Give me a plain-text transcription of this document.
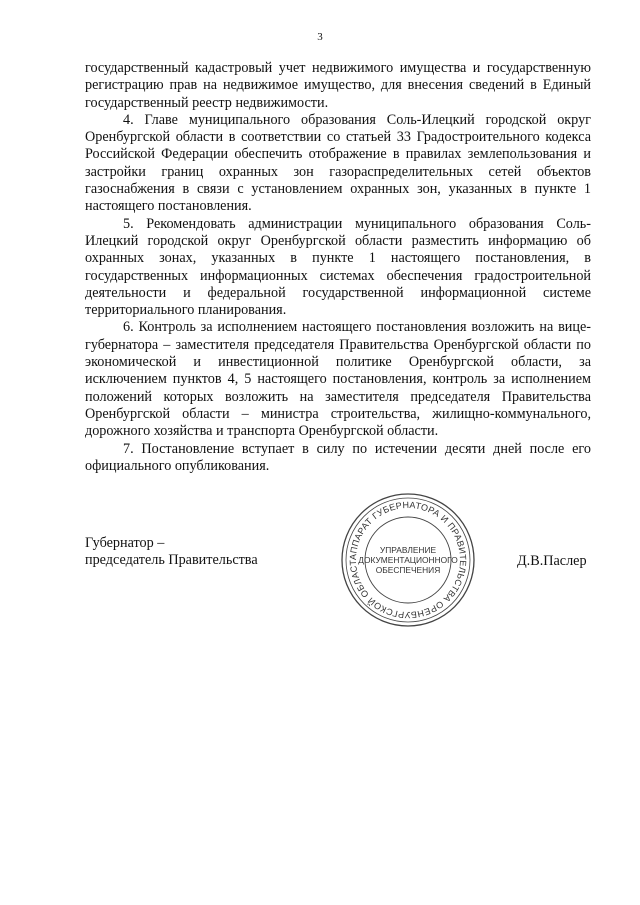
3

государственный кадастровый учет недвижимого имущества и государственную регистрацию прав на недвижимое имущество, для внесения сведений в Единый государственный реестр недвижимости.

4. Главе муниципального образования Соль-Илецкий городской округ Оренбургской области в соответствии со статьей 33 Градостроительного кодекса Российской Федерации обеспечить отображение в правилах землепользования и застройки границ охранных зон газораспределительных сетей объектов газоснабжения в связи с установлением охранных зон, указанных в пункте 1 настоящего постановления.

5. Рекомендовать администрации муниципального образования Соль-Илецкий городской округ Оренбургской области разместить информацию об охранных зонах, указанных в пункте 1 настоящего постановления, в государственных информационных системах обеспечения градостроительной деятельности и федеральной государственной информационной системе территориального планирования.

6. Контроль за исполнением настоящего постановления возложить на вице-губернатора – заместителя председателя Правительства Оренбургской области по экономической и инвестиционной политике Оренбургской области, за исключением пунктов 4, 5 настоящего постановления, контроль за исполнением положений которых возложить на заместителя председателя Правительства Оренбургской области – министра строительства, жилищно-коммунального, дорожного хозяйства и транспорта Оренбургской области.

7. Постановление вступает в силу по истечении десяти дней после его официального опубликования.

Губернатор –
председатель Правительства	АППАРАТ ГУБЕРНАТОРА И ПРАВИТЕЛЬСТВА ОРЕНБУРГСКОЙ ОБЛАСТ
УПРАВЛЕНИЕ
ДОКУМЕНТАЦИОННОГО
ОБЕСПЕЧЕНИЯ
Д.В.Паслер
